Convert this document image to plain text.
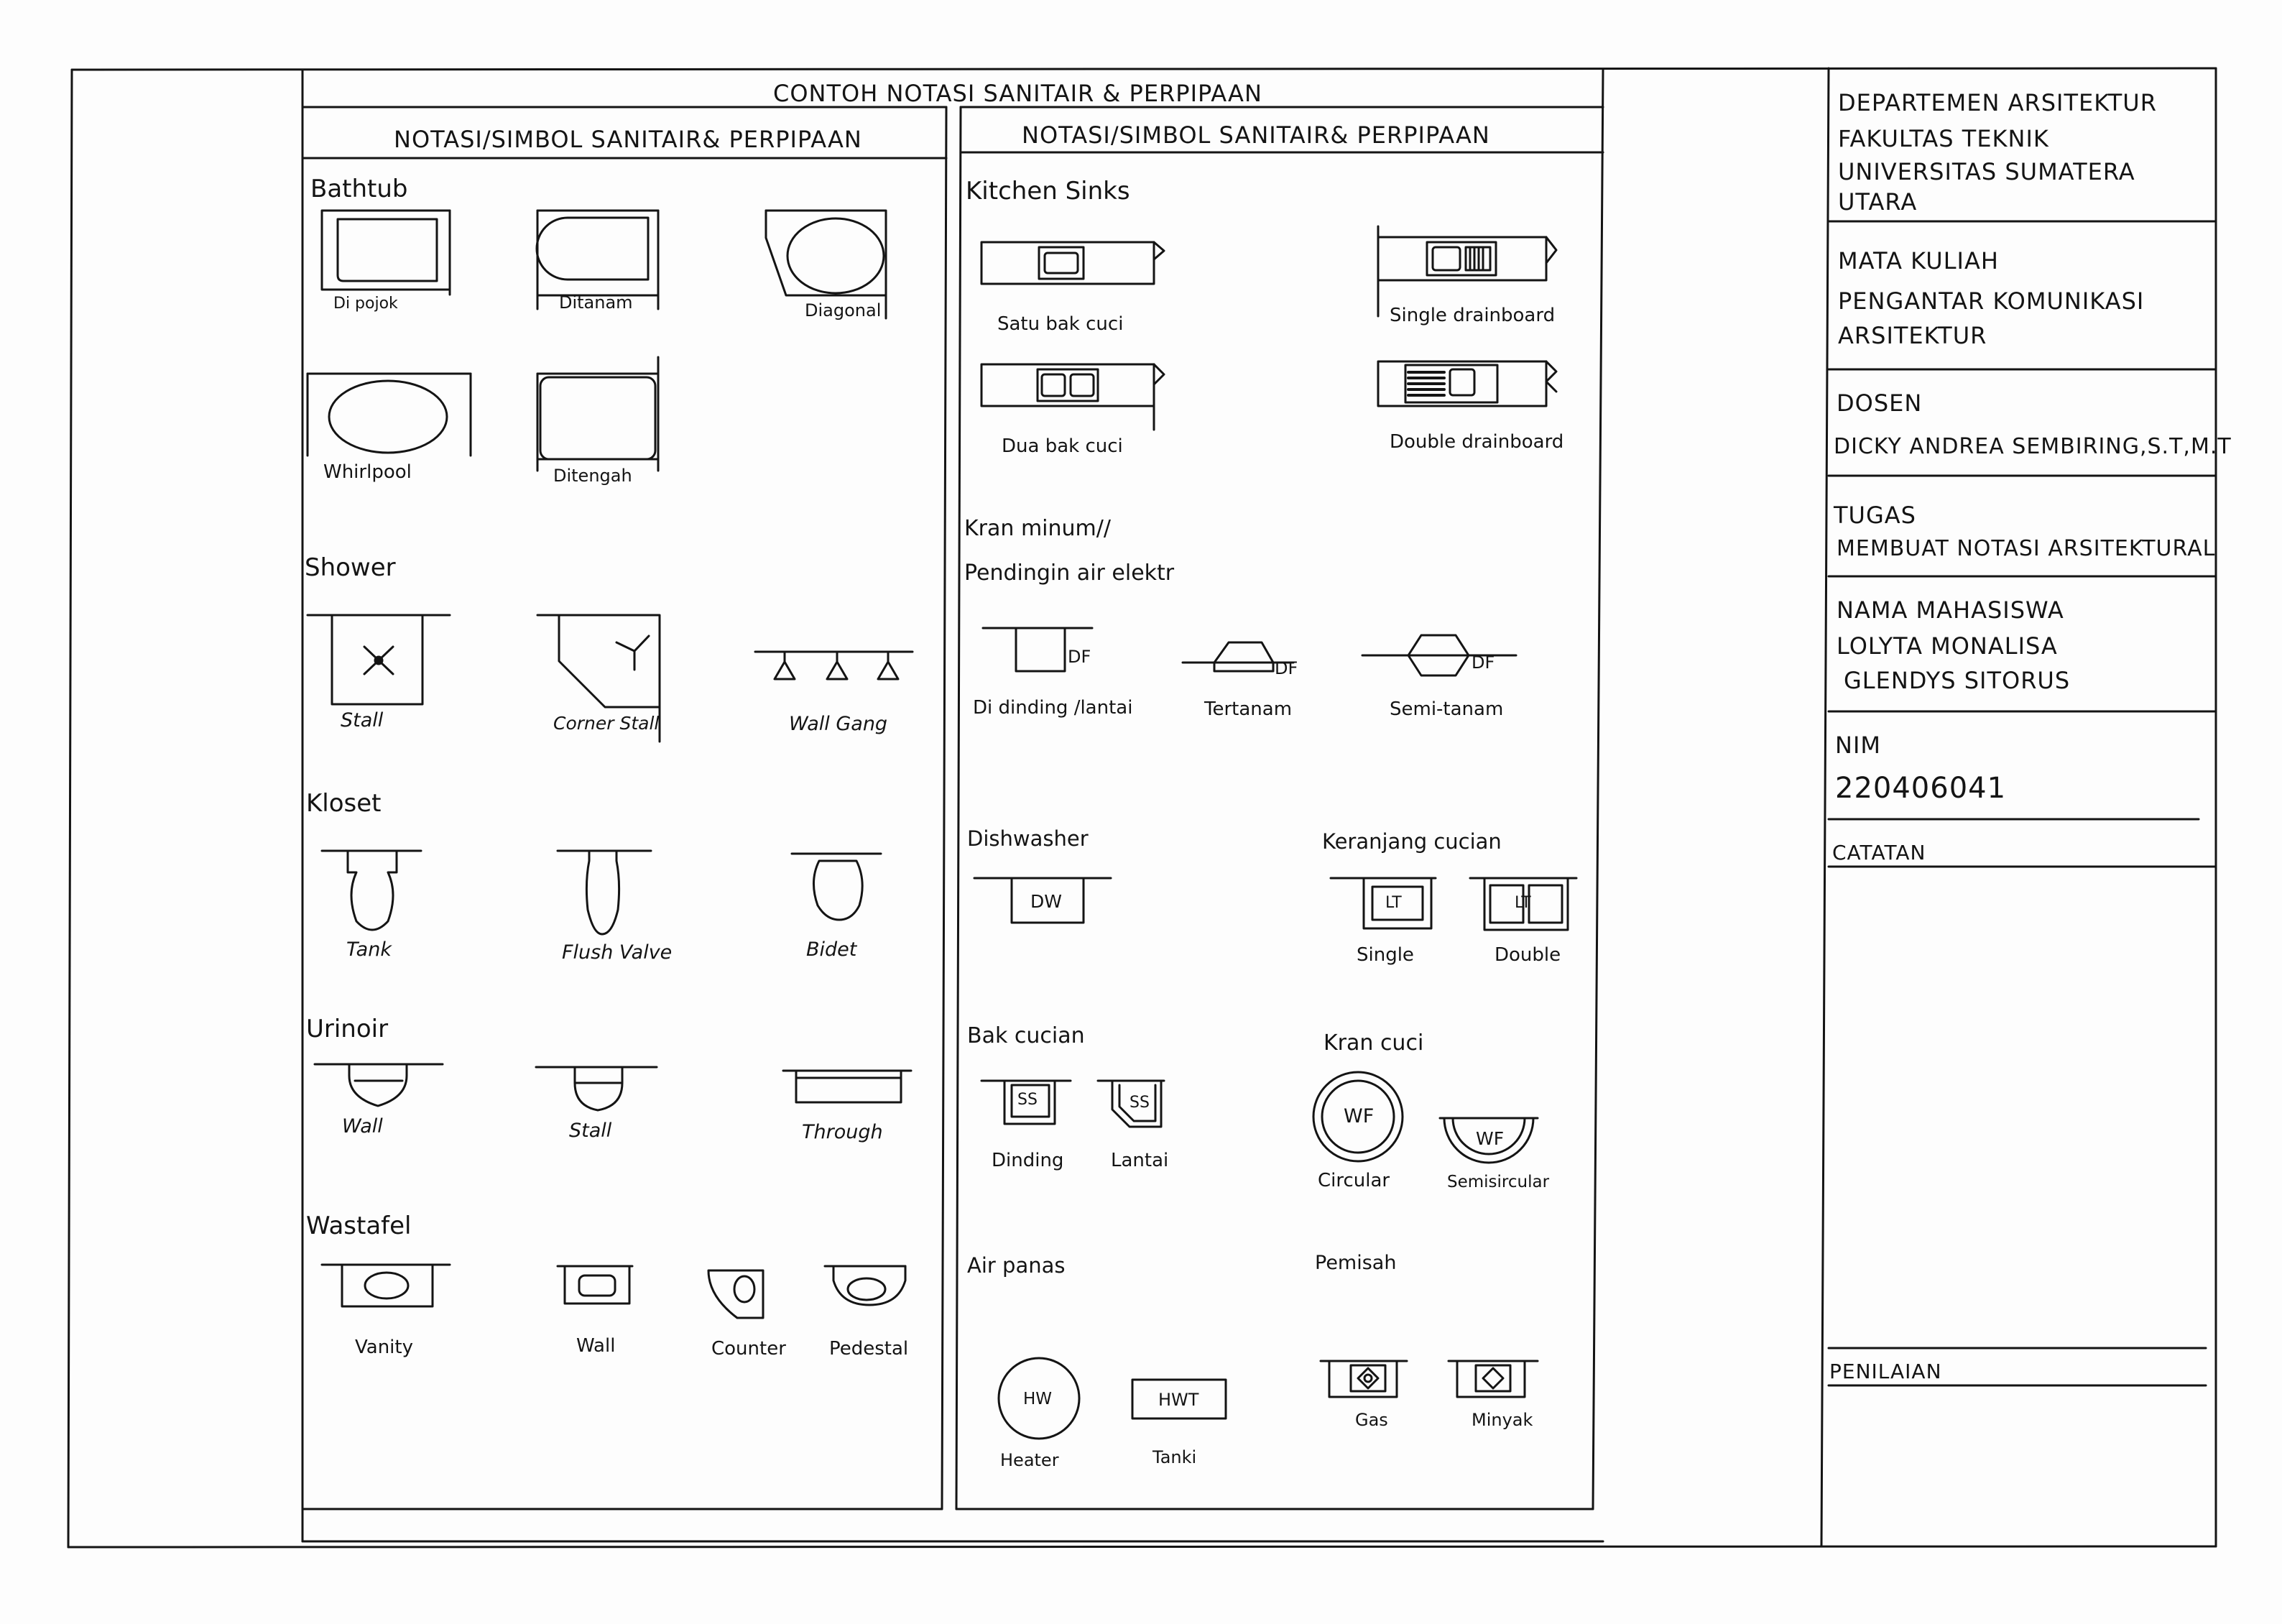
CONTOH NOTASI SANITAIR & PERPIPAAN
NOTASI/SIMBOL SANITAIR& PERPIPAAN	NOTASI/SIMBOL SANITAIR& PERPIPAAN
Bathtub
Di pojok	Ditanam	Diagonal
Whirlpool	Ditengah
Shower
Stall	Corner Stall	Wall Gang
Kloset
Tank	Flush Valve	Bidet
Urinoir
Wall	Stall	Through
Wastafel
Vanity	Wall	Counter Pedestal
Kitchen Sinks
Satu bak cuci	Single drainboard
Dua bak cuci	Double drainboard
Kran minum//
Pendingin air elektr
DF
DF	DF
Di dinding /lantai	Tertanam	Semi-tanam
Dishwasher
DW
Keranjang cucian
LT	LT
Single	Double
Bak cucian
SS	SS
Dinding	Lantai
Kran cuci
WF
WF
Circular	Semisircular
Air panas
HW	HWT
Heater	Tanki
Pemisah
Gas	Minyak
DEPARTEMEN ARSITEKTUR
FAKULTAS TEKNIK
UNIVERSITAS SUMATERA
UTARA
MATA KULIAH
PENGANTAR KOMUNIKASI
ARSITEKTUR
DOSEN
DICKY ANDREA SEMBIRING,S.T,M.T
TUGAS
MEMBUAT NOTASI ARSITEKTURAL
NAMA MAHASISWA
LOLYTA MONALISA
GLENDYS SITORUS
NIM
220406041
CATATAN
PENILAIAN
